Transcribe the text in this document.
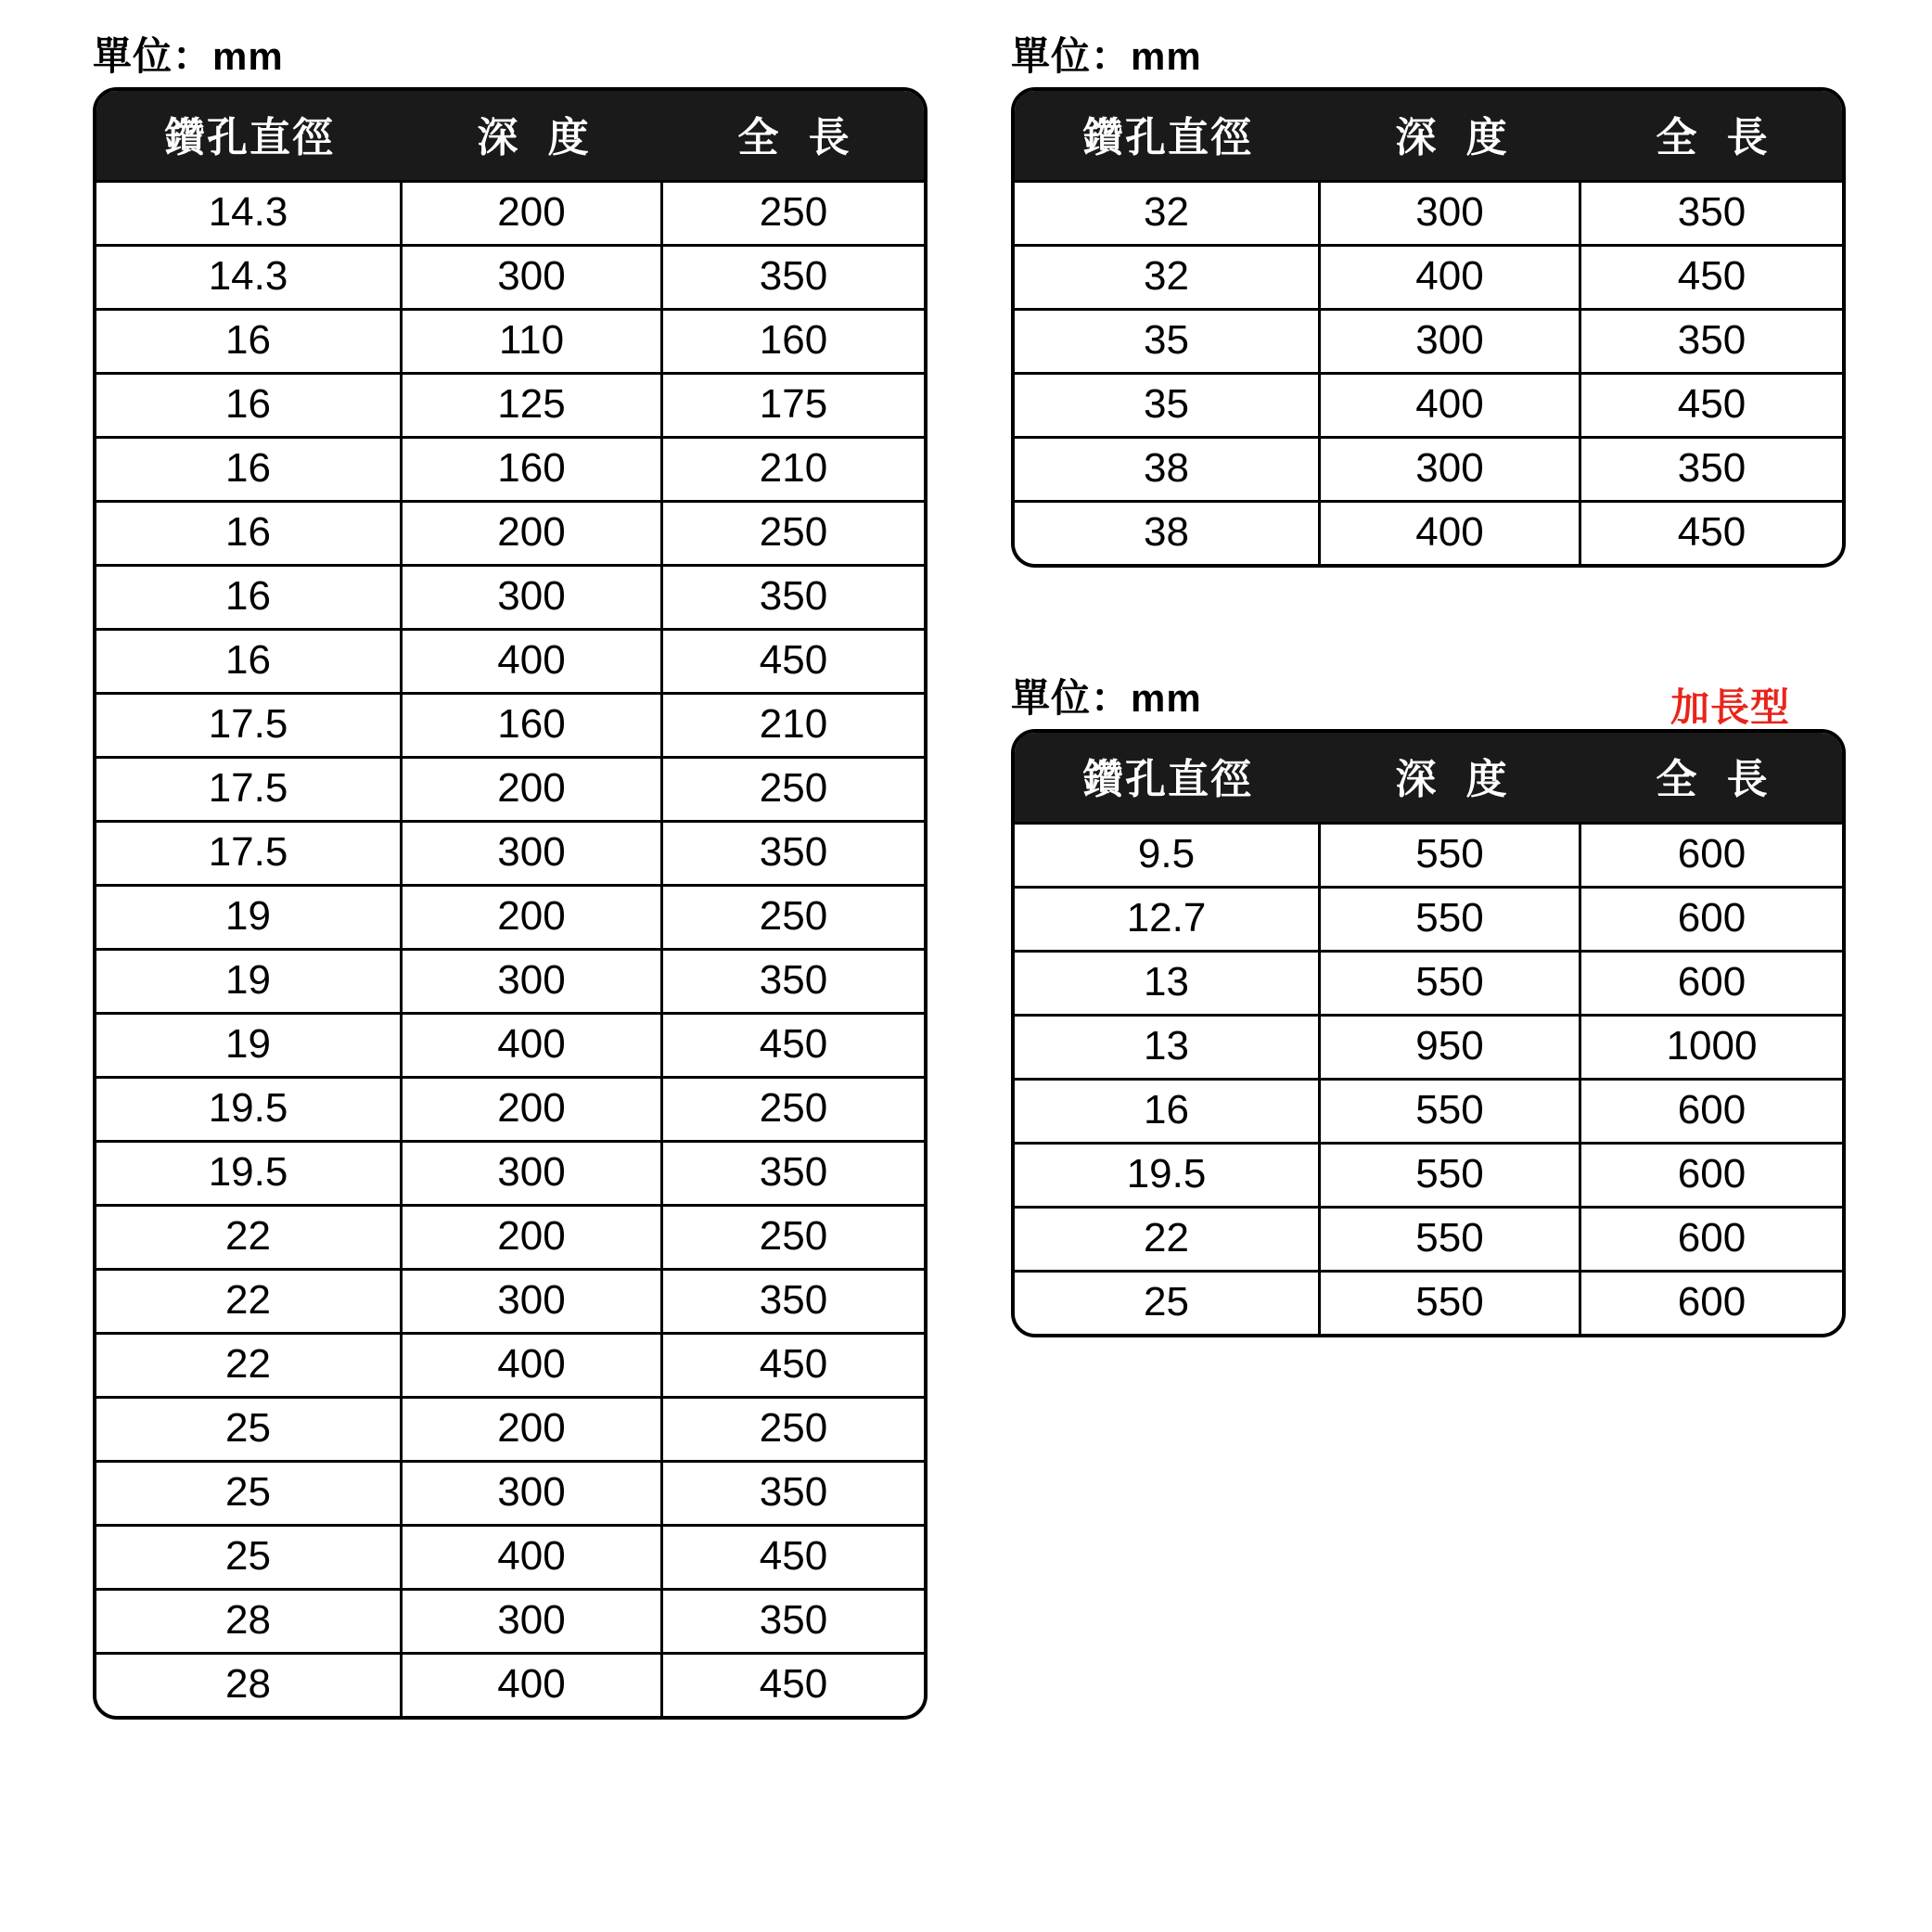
單位：mm
鑽孔直徑	深 度	全 長
14.3	200	250
14.3	300	350
16	110	160
16	125	175
16	160	210
16	200	250
16	300	350
16	400	450
17.5	160	210
17.5	200	250
17.5	300	350
19	200	250
19	300	350
19	400	450
19.5	200	250
19.5	300	350
22	200	250
22	300	350
22	400	450
25	200	250
25	300	350
25	400	450
28	300	350
28	400	450
單位：mm
鑽孔直徑	深 度	全 長
32	300	350
32	400	450
35	300	350
35	400	450
38	300	350
38	400	450
單位：mm	加長型
鑽孔直徑	深 度	全 長
9.5	550	600
12.7	550	600
13	550	600
13	950	1000
16	550	600
19.5	550	600
22	550	600
25	550	600
